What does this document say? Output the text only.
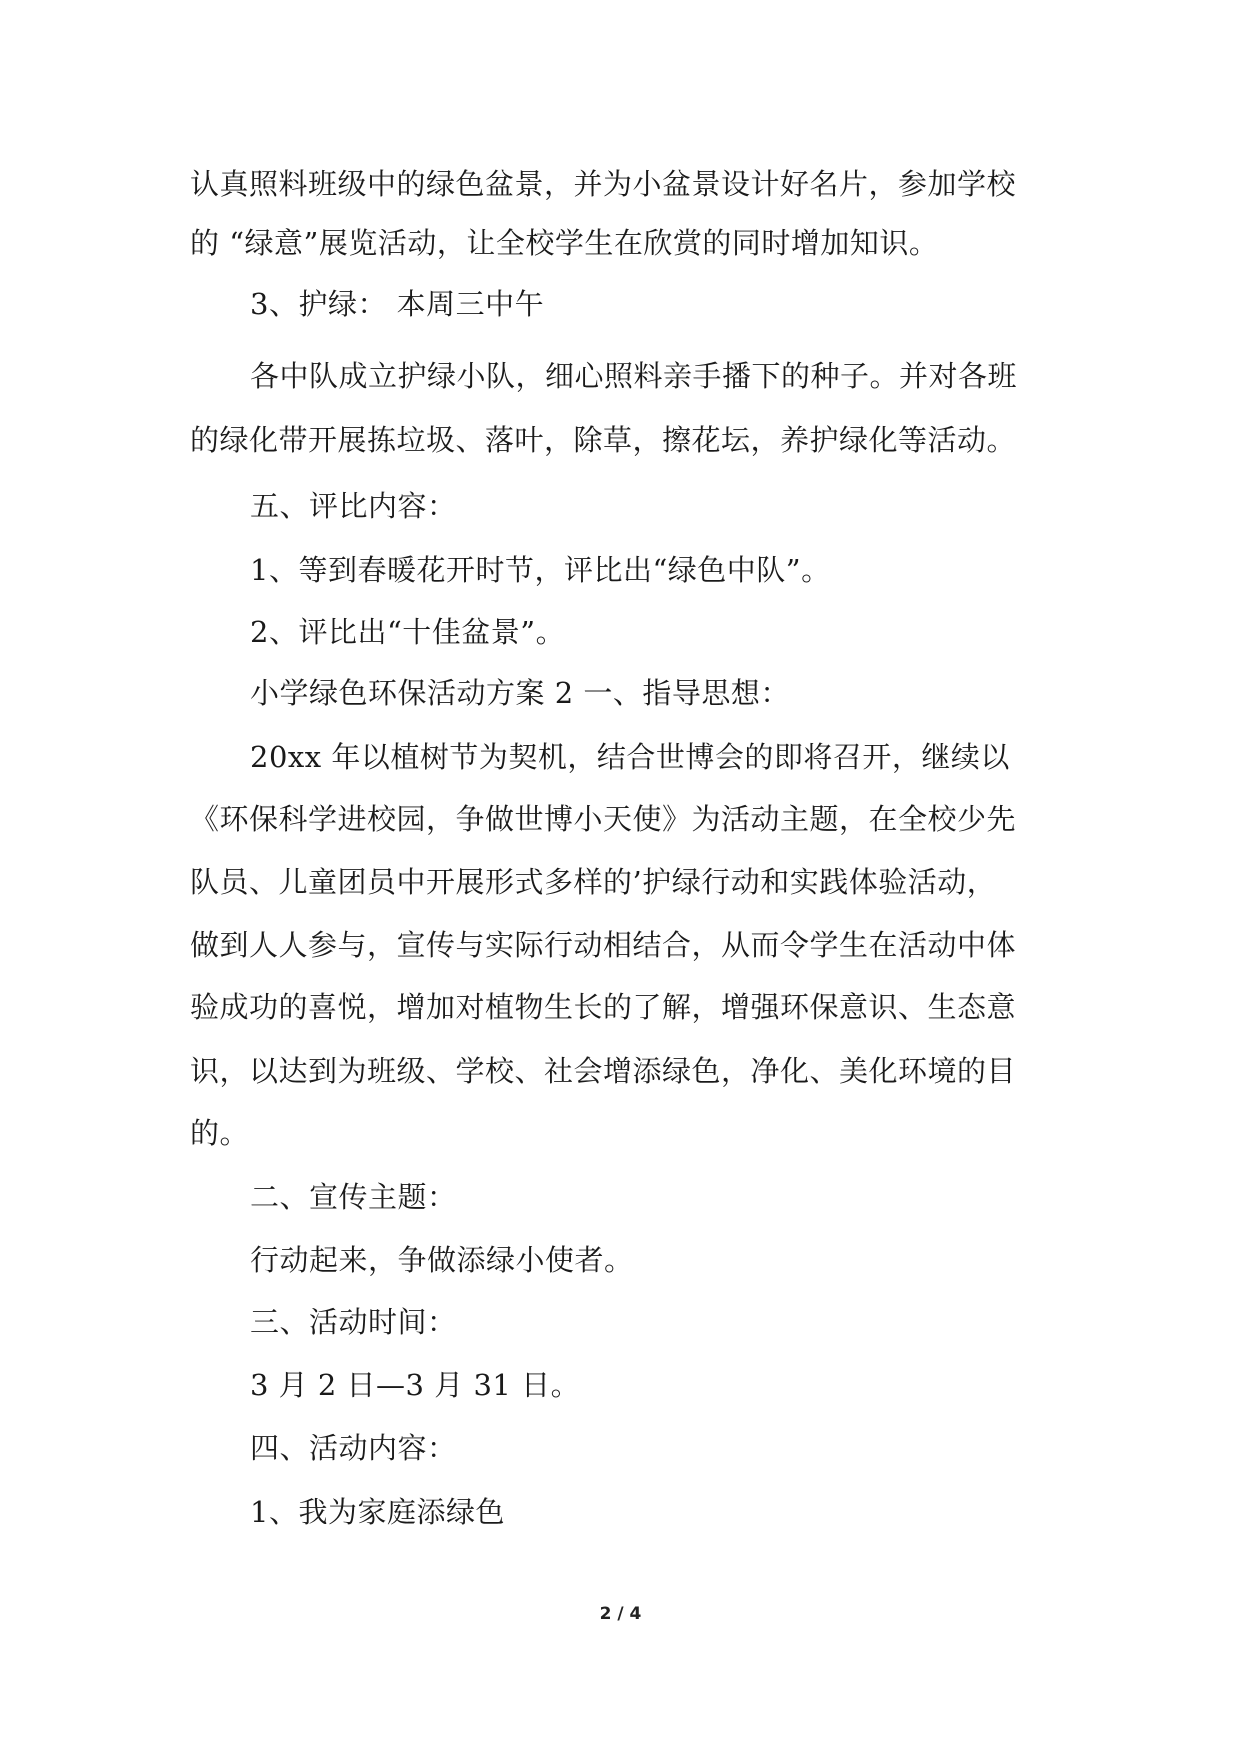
认真照料班级中的绿色盆景，并为小盆景设计好名片，参加学校
的 “绿意”展览活动，让全校学生在欣赏的同时增加知识。
3、护绿： 本周三中午
各中队成立护绿小队，细心照料亲手播下的种子。并对各班
的绿化带开展拣垃圾、落叶，除草，擦花坛，养护绿化等活动。
五、评比内容：
1、等到春暖花开时节，评比出“绿色中队”。
2、评比出“十佳盆景”。
小学绿色环保活动方案 2 一、指导思想：
20xx 年以植树节为契机，结合世博会的即将召开，继续以
《环保科学进校园，争做世博小天使》为活动主题，在全校少先
队员、儿童团员中开展形式多样的’护绿行动和实践体验活动，
做到人人参与，宣传与实际行动相结合，从而令学生在活动中体
验成功的喜悦，增加对植物生长的了解，增强环保意识、生态意
识，以达到为班级、学校、社会增添绿色，净化、美化环境的目
的。
二、宣传主题：
行动起来，争做添绿小使者。
三、活动时间：
3 月 2 日—3 月 31 日。
四、活动内容：
1、我为家庭添绿色
2 / 4
